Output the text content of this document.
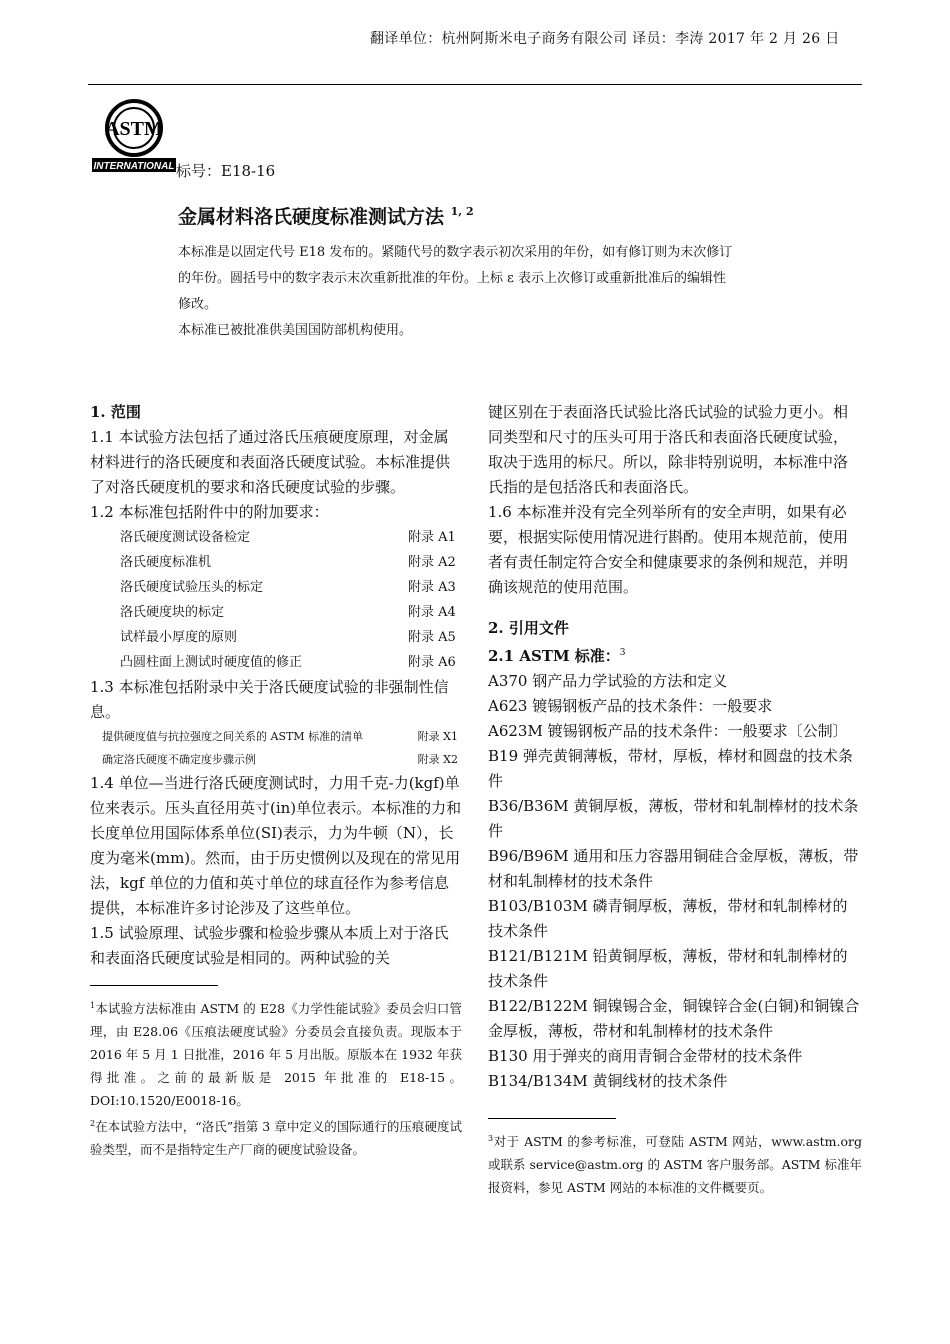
翻译单位：杭州阿斯米电子商务有限公司 译员：李涛 2017 年 2 月 26 日
ASTM
INTERNATIONAL 标号：E18-16
金属材料洛氏硬度标准测试方法 $^{1, 2}$

本标准是以固定代号 E18 发布的。紧随代号的数字表示初次采用的年份，如有修订则为末次修订

的年份。圆括号中的数字表示末次重新批准的年份。上标 ε 表示上次修订或重新批准后的编辑性

修改。

本标准已被批准供美国国防部机构使用。

1. 范围

1.1 本试验方法包括了通过洛氏压痕硬度原理，对金属材料进行的洛氏硬度和表面洛氏硬度试验。本标准提供了对洛氏硬度机的要求和洛氏硬度试验的步骤。

1.2 本标准包括附件中的附加要求：

洛氏硬度测试设备检定	附录 A1
洛氏硬度标准机	附录 A2
洛氏硬度试验压头的标定	附录 A3
洛氏硬度块的标定	附录 A4
试样最小厚度的原则	附录 A5
凸圆柱面上测试时硬度值的修正	附录 A6

1.3 本标准包括附录中关于洛氏硬度试验的非强制性信息。

提供硬度值与抗拉强度之间关系的 ASTM 标准的清单	附录 X1
确定洛氏硬度不确定度步骤示例	附录 X2

1.4 单位—当进行洛氏硬度测试时，力用千克-力(kgf)单位来表示。压头直径用英寸(in)单位表示。本标准的力和长度单位用国际体系单位(SI)表示，力为牛顿（N），长度为毫米(mm)。然而，由于历史惯例以及现在的常见用法，kgf 单位的力值和英寸单位的球直径作为参考信息提供，本标准许多讨论涉及了这些单位。

1.5 试验原理、试验步骤和检验步骤从本质上对于洛氏和表面洛氏硬度试验是相同的。两种试验的关

$^1$本试验方法标准由 ASTM 的 E28《力学性能试验》委员会归口管理，由 E28.06《压痕法硬度试验》分委员会直接负责。现版本于 2016 年 5 月 1 日批准，2016 年 5 月出版。原版本在 1932 年获得批准。之前的最新版是 2015 年批准的 E18-15。DOI:10.1520/E0018-16。

$^2$在本试验方法中，“洛氏”指第 3 章中定义的国际通行的压痕硬度试验类型，而不是指特定生产厂商的硬度试验设备。

键区别在于表面洛氏试验比洛氏试验的试验力更小。相同类型和尺寸的压头可用于洛氏和表面洛氏硬度试验，取决于选用的标尺。所以，除非特别说明，本标准中洛氏指的是包括洛氏和表面洛氏。

1.6 本标准并没有完全列举所有的安全声明，如果有必要，根据实际使用情况进行斟酌。使用本规范前，使用者有责任制定符合安全和健康要求的条例和规范，并明确该规范的使用范围。

2. 引用文件

2.1 ASTM 标准：$^3$

A370 钢产品力学试验的方法和定义

A623 镀锡钢板产品的技术条件：一般要求

A623M 镀锡钢板产品的技术条件：一般要求〔公制〕

B19 弹壳黄铜薄板，带材，厚板，棒材和圆盘的技术条件

B36/B36M 黄铜厚板，薄板，带材和轧制棒材的技术条件

B96/B96M 通用和压力容器用铜硅合金厚板，薄板，带材和轧制棒材的技术条件

B103/B103M 磷青铜厚板，薄板，带材和轧制棒材的技术条件

B121/B121M 铅黄铜厚板，薄板，带材和轧制棒材的技术条件

B122/B122M 铜镍锡合金，铜镍锌合金(白铜)和铜镍合金厚板，薄板，带材和轧制棒材的技术条件

B130 用于弹夹的商用青铜合金带材的技术条件

B134/B134M 黄铜线材的技术条件

$^3$对于 ASTM 的参考标准，可登陆 ASTM 网站，www.astm.org 或联系 service@astm.org 的 ASTM 客户服务部。ASTM 标准年报资料，参见 ASTM 网站的本标准的文件概要页。
